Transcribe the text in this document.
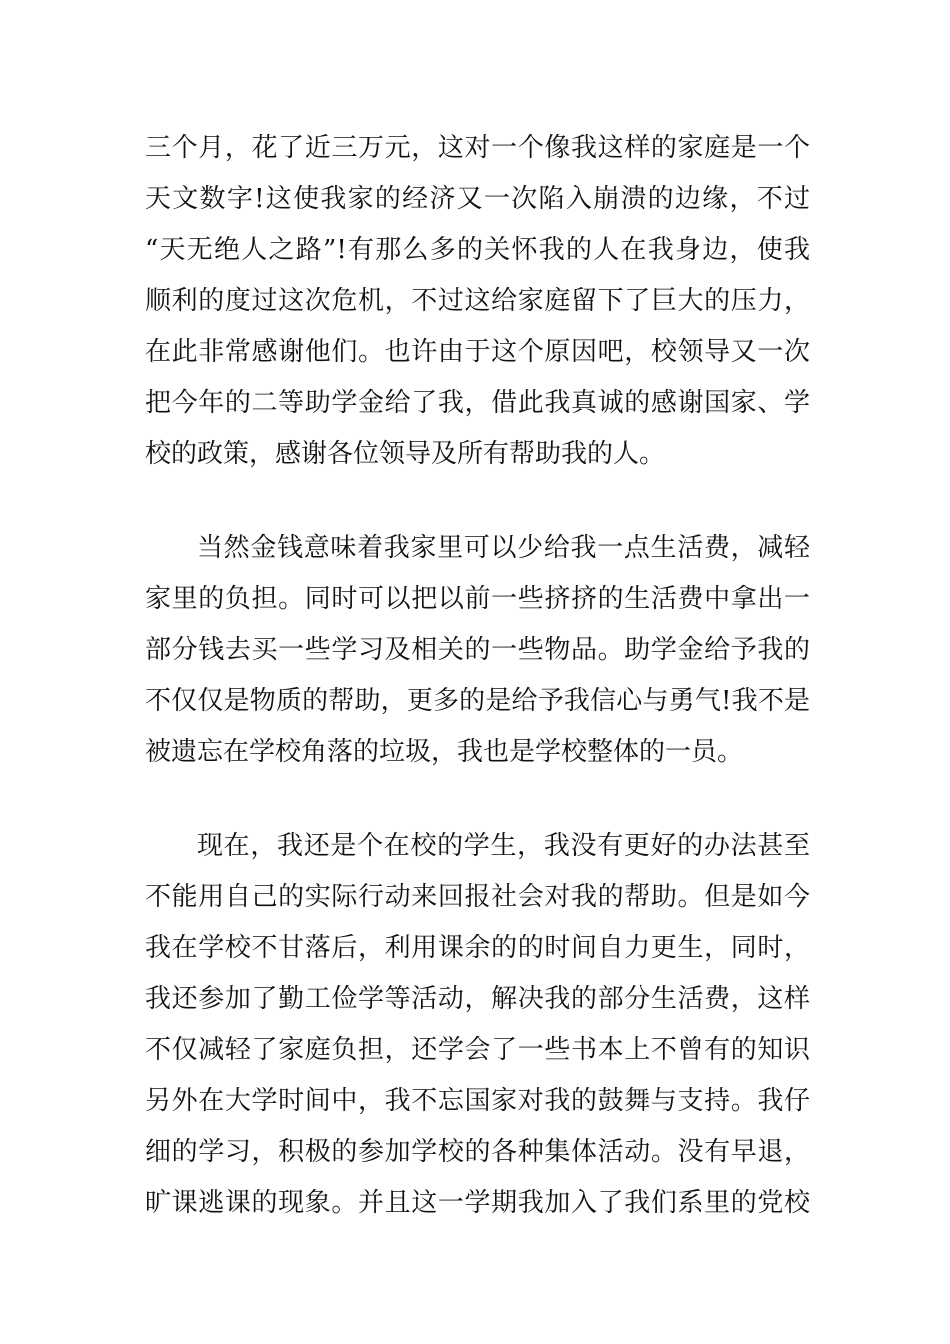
三个月，花了近三万元，这对一个像我这样的家庭是一个
天文数字!这使我家的经济又一次陷入崩溃的边缘，不过
“天无绝人之路”!有那么多的关怀我的人在我身边，使我
顺利的度过这次危机，不过这给家庭留下了巨大的压力，
在此非常感谢他们。也许由于这个原因吧，校领导又一次
把今年的二等助学金给了我，借此我真诚的感谢国家、学
校的政策，感谢各位领导及所有帮助我的人。
当然金钱意味着我家里可以少给我一点生活费，减轻
家里的负担。同时可以把以前一些挤挤的生活费中拿出一
部分钱去买一些学习及相关的一些物品。助学金给予我的
不仅仅是物质的帮助，更多的是给予我信心与勇气!我不是
被遗忘在学校角落的垃圾，我也是学校整体的一员。
现在，我还是个在校的学生，我没有更好的办法甚至
不能用自己的实际行动来回报社会对我的帮助。但是如今
我在学校不甘落后，利用课余的的时间自力更生，同时，
我还参加了勤工俭学等活动，解决我的部分生活费，这样
不仅减轻了家庭负担，还学会了一些书本上不曾有的知识
另外在大学时间中，我不忘国家对我的鼓舞与支持。我仔
细的学习，积极的参加学校的各种集体活动。没有早退，
旷课逃课的现象。并且这一学期我加入了我们系里的党校
